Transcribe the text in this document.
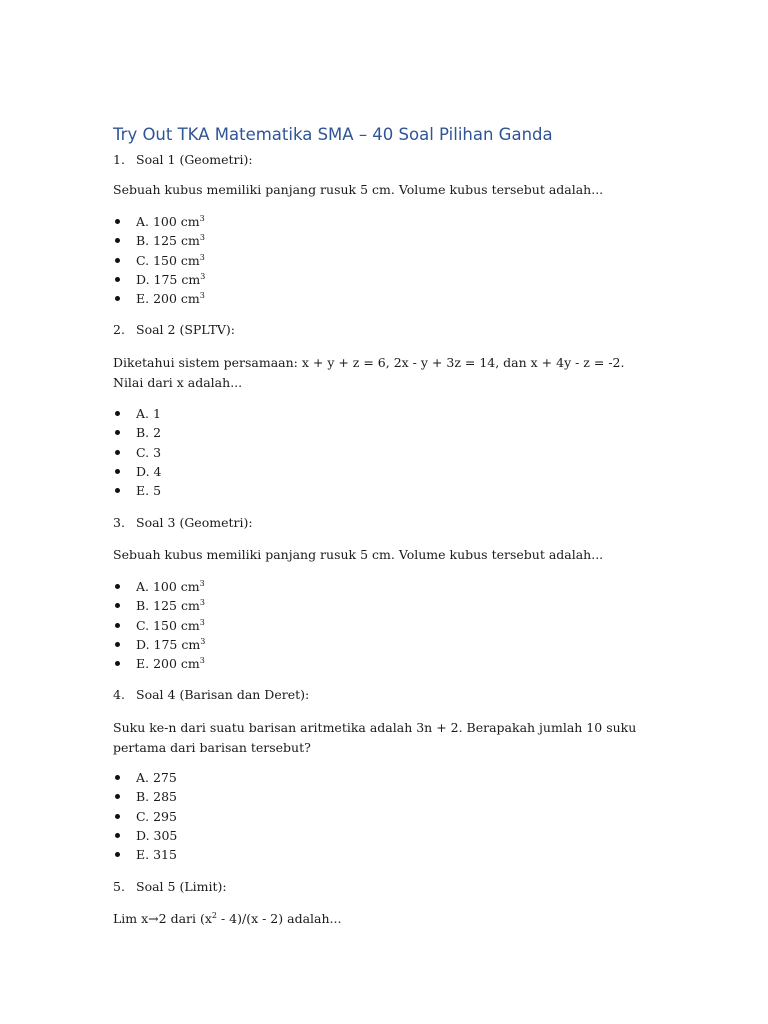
Try Out TKA Matematika SMA – 40 Soal Pilihan Ganda
1. Soal 1 (Geometri):

Sebuah kubus memiliki panjang rusuk 5 cm. Volume kubus tersebut adalah...

A. 100 $cm^3$
B. 125 $cm^3$
C. 150 $cm^3$
D. 175 $cm^3$
E. 200 $cm^3$
2. Soal 2 (SPLTV):

Diketahui sistem persamaan: x + y + z = 6, 2x - y + 3z = 14, dan x + 4y - z = -2. Nilai dari x adalah...

A. 1
B. 2
C. 3
D. 4
E. 5
3. Soal 3 (Geometri):

Sebuah kubus memiliki panjang rusuk 5 cm. Volume kubus tersebut adalah...

A. 100 $cm^3$
B. 125 $cm^3$
C. 150 $cm^3$
D. 175 $cm^3$
E. 200 $cm^3$
4. Soal 4 (Barisan dan Deret):

Suku ke-n dari suatu barisan aritmetika adalah 3n + 2. Berapakah jumlah 10 suku pertama dari barisan tersebut?

A. 275
B. 285
C. 295
D. 305
E. 315
5. Soal 5 (Limit):

Lim x→2 dari $(x^2 - 4)/(x - 2)$ adalah...
